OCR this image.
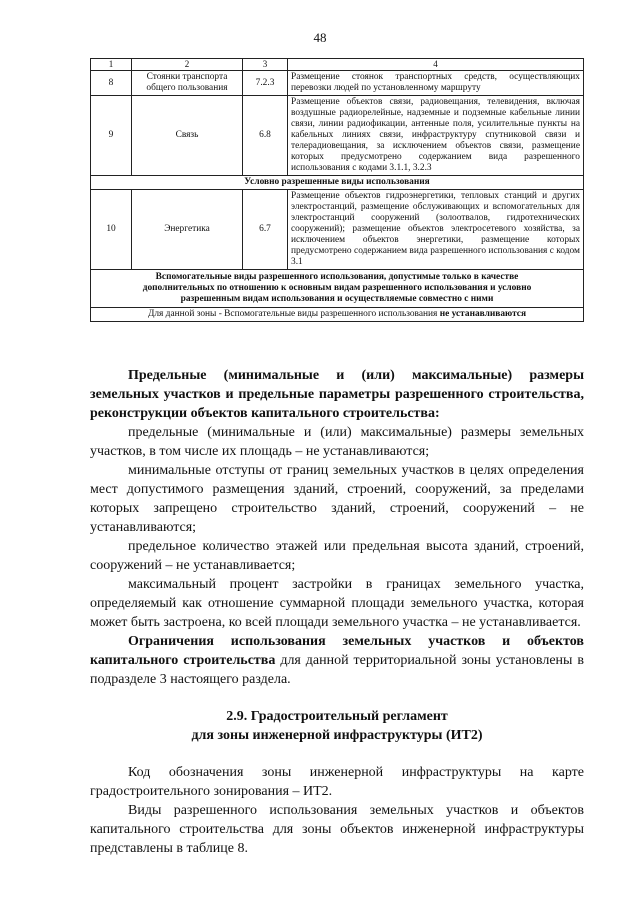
48
1	2	3	4
8	Стоянки транспорта общего пользования	7.2.3	Размещение стоянок транспортных средств, осуществляющих перевозки людей по установленному маршруту
9	Связь	6.8	Размещение объектов связи, радиовещания, телевидения, включая воздушные радиорелейные, надземные и подземные кабельные линии связи, линии радиофикации, антенные поля, усилительные пункты на кабельных линиях связи, инфраструктуру спутниковой связи и телерадиовещания, за исключением объектов связи, размещение которых предусмотрено содержанием вида разрешенного использования с кодами 3.1.1, 3.2.3
Условно разрешенные виды использования			
10	Энергетика	6.7	Размещение объектов гидроэнергетики, тепловых станций и других электростанций, размещение обслуживающих и вспомогательных для электростанций сооружений (золоотвалов, гидротехнических сооружений); размещение объектов электросетевого хозяйства, за исключением объектов энергетики, размещение которых предусмотрено содержанием вида разрешенного использования с кодом 3.1
Вспомогательные виды разрешенного использования, допустимые только в качестве дополнительных по отношению к основным видам разрешенного использования и условно разрешенным видам использования и осуществляемые совместно с ними			
Для данной зоны - Вспомогательные виды разрешенного использования не устанавливаются			

Предельные (минимальные и (или) максимальные) размеры земельных участков и предельные параметры разрешенного строительства, реконструкции объектов капитального строительства:

предельные (минимальные и (или) максимальные) размеры земельных участков, в том числе их площадь – не устанавливаются;

минимальные отступы от границ земельных участков в целях определения мест допустимого размещения зданий, строений, сооружений, за пределами которых запрещено строительство зданий, строений, сооружений – не устанавливаются;

предельное количество этажей или предельная высота зданий, строений, сооружений – не устанавливается;

максимальный процент застройки в границах земельного участка, определяемый как отношение суммарной площади земельного участка, которая может быть застроена, ко всей площади земельного участка – не устанавливается.

Ограничения использования земельных участков и объектов капитального строительства для данной территориальной зоны установлены в подразделе 3 настоящего раздела.

2.9. Градостроительный регламент
для зоны инженерной инфраструктуры (ИТ2)

Код обозначения зоны инженерной инфраструктуры на карте градостроительного зонирования – ИТ2.

Виды разрешенного использования земельных участков и объектов капитального строительства для зоны объектов инженерной инфраструктуры представлены в таблице 8.
